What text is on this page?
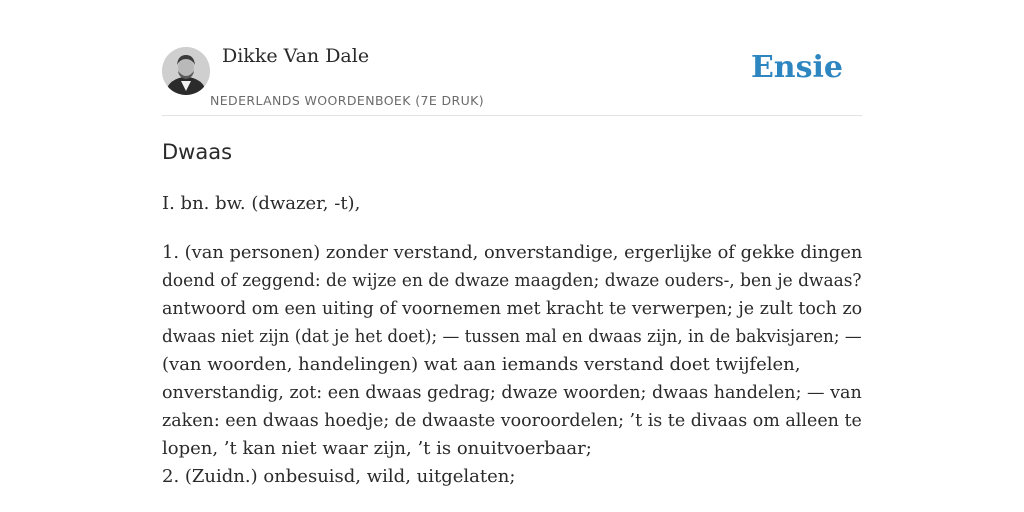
Dikke Van Dale
NEDERLANDS WOORDENBOEK (7E DRUK)
Ensie
Dwaas
I. bn. bw. (dwazer, -t),
1. (van personen) zonder verstand, onverstandige, ergerlijke of gekke dingen doend of zeggend: de wijze en de dwaze maagden; dwaze ouders-, ben je dwaas? antwoord om een uiting of voornemen met kracht te verwerpen; je zult toch zo dwaas niet zijn (dat je het doet); — tussen mal en dwaas zijn, in de bakvisjaren; —
(van woorden, handelingen) wat aan iemands verstand doet twijfelen,
onverstandig, zot: een dwaas gedrag; dwaze woorden; dwaas handelen; — van zaken: een dwaas hoedje; de dwaaste vooroordelen; ’t is te divaas om alleen te
lopen, ’t kan niet waar zijn, ’t is onuitvoerbaar;
2. (Zuidn.) onbesuisd, wild, uitgelaten;
